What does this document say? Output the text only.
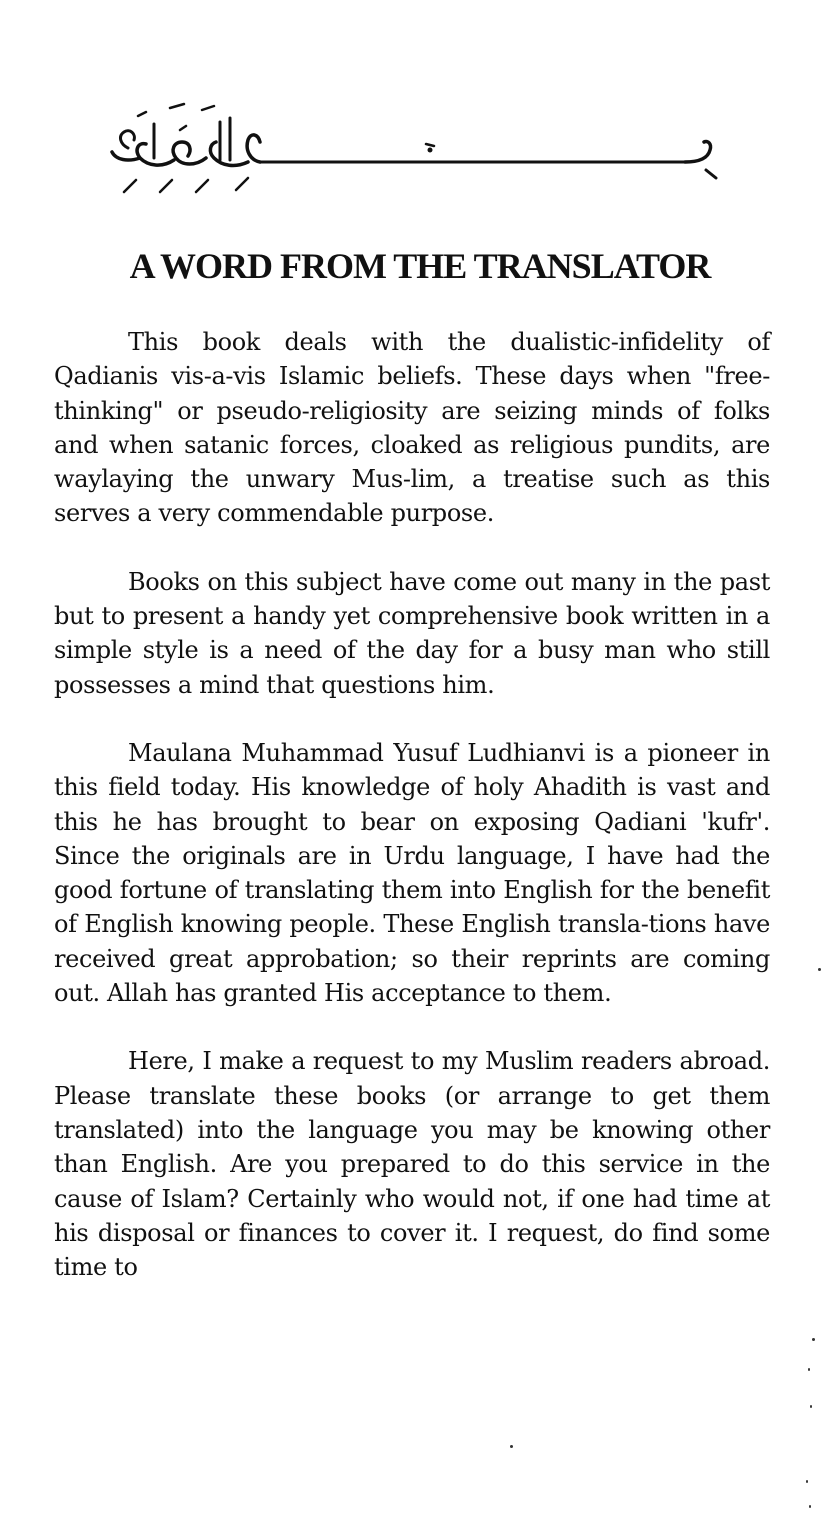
A WORD FROM THE TRANSLATOR

This book deals with the dualistic-infidelity of Qadianis vis-a-vis Islamic beliefs. These days when "free-thinking" or pseudo-religiosity are seizing minds of folks and when satanic forces, cloaked as religious pundits, are waylaying the unwary Mus-lim, a treatise such as this serves a very commendable purpose.

Books on this subject have come out many in the past but to present a handy yet comprehensive book written in a simple style is a need of the day for a busy man who still possesses a mind that questions him.

Maulana Muhammad Yusuf Ludhianvi is a pioneer in this field today. His knowledge of holy Ahadith is vast and this he has brought to bear on exposing Qadiani 'kufr'. Since the originals are in Urdu language, I have had the good fortune of translating them into English for the benefit of English knowing people. These English transla-tions have received great approbation; so their reprints are coming out. Allah has granted His acceptance to them.

Here, I make a request to my Muslim readers abroad. Please translate these books (or arrange to get them translated) into the language you may be knowing other than English. Are you prepared to do this service in the cause of Islam? Certainly who would not, if one had time at his disposal or finances to cover it. I request, do find some time to
